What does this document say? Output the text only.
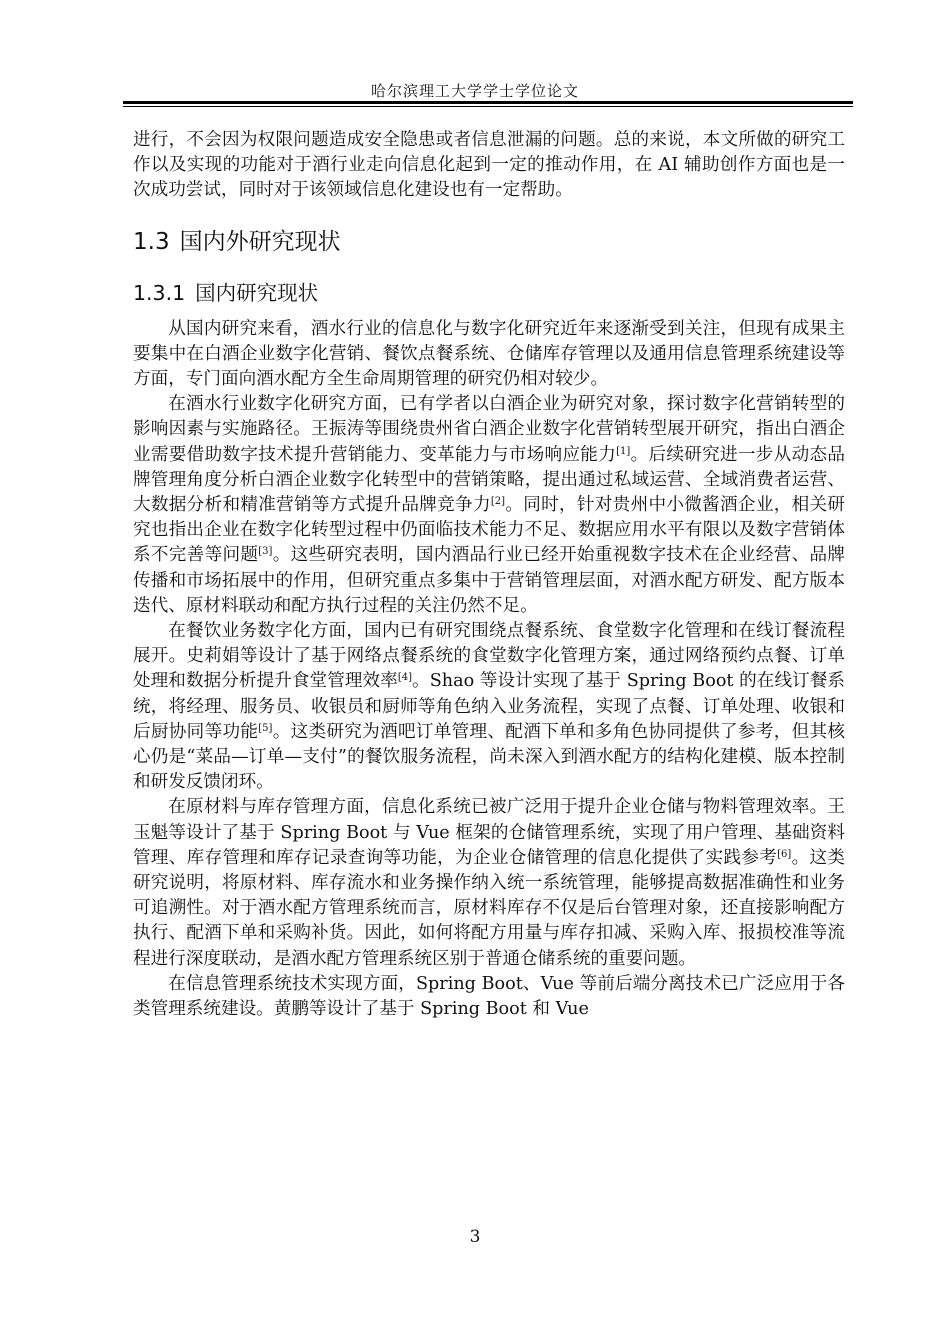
哈尔滨理工大学学士学位论文

进行，不会因为权限问题造成安全隐患或者信息泄漏的问题。总的来说，本文所做的研究工作以及实现的功能对于酒行业走向信息化起到一定的推动作用，在 AI 辅助创作方面也是一次成功尝试，同时对于该领域信息化建设也有一定帮助。

1.3 国内外研究现状
1.3.1 国内研究现状

从国内研究来看，酒水行业的信息化与数字化研究近年来逐渐受到关注，但现有成果主要集中在白酒企业数字化营销、餐饮点餐系统、仓储库存管理以及通用信息管理系统建设等方面，专门面向酒水配方全生命周期管理的研究仍相对较少。

在酒水行业数字化研究方面，已有学者以白酒企业为研究对象，探讨数字化营销转型的影响因素与实施路径。王振涛等围绕贵州省白酒企业数字化营销转型展开研究，指出白酒企业需要借助数字技术提升营销能力、变革能力与市场响应能力[1]。后续研究进一步从动态品牌管理角度分析白酒企业数字化转型中的营销策略，提出通过私域运营、全域消费者运营、大数据分析和精准营销等方式提升品牌竞争力[2]。同时，针对贵州中小微酱酒企业，相关研究也指出企业在数字化转型过程中仍面临技术能力不足、数据应用水平有限以及数字营销体系不完善等问题[3]。这些研究表明，国内酒品行业已经开始重视数字技术在企业经营、品牌传播和市场拓展中的作用，但研究重点多集中于营销管理层面，对酒水配方研发、配方版本迭代、原材料联动和配方执行过程的关注仍然不足。

在餐饮业务数字化方面，国内已有研究围绕点餐系统、食堂数字化管理和在线订餐流程展开。史莉娟等设计了基于网络点餐系统的食堂数字化管理方案，通过网络预约点餐、订单处理和数据分析提升食堂管理效率[4]。Shao 等设计实现了基于 Spring Boot 的在线订餐系统，将经理、服务员、收银员和厨师等角色纳入业务流程，实现了点餐、订单处理、收银和后厨协同等功能[5]。这类研究为酒吧订单管理、配酒下单和多角色协同提供了参考，但其核心仍是“菜品—订单—支付”的餐饮服务流程，尚未深入到酒水配方的结构化建模、版本控制和研发反馈闭环。

在原材料与库存管理方面，信息化系统已被广泛用于提升企业仓储与物料管理效率。王玉魁等设计了基于 Spring Boot 与 Vue 框架的仓储管理系统，实现了用户管理、基础资料管理、库存管理和库存记录查询等功能，为企业仓储管理的信息化提供了实践参考[6]。这类研究说明，将原材料、库存流水和业务操作纳入统一系统管理，能够提高数据准确性和业务可追溯性。对于酒水配方管理系统而言，原材料库存不仅是后台管理对象，还直接影响配方执行、配酒下单和采购补货。因此，如何将配方用量与库存扣减、采购入库、报损校准等流程进行深度联动，是酒水配方管理系统区别于普通仓储系统的重要问题。

在信息管理系统技术实现方面，Spring Boot、Vue 等前后端分离技术已广泛应用于各类管理系统建设。黄鹏等设计了基于 Spring Boot 和 Vue

3
